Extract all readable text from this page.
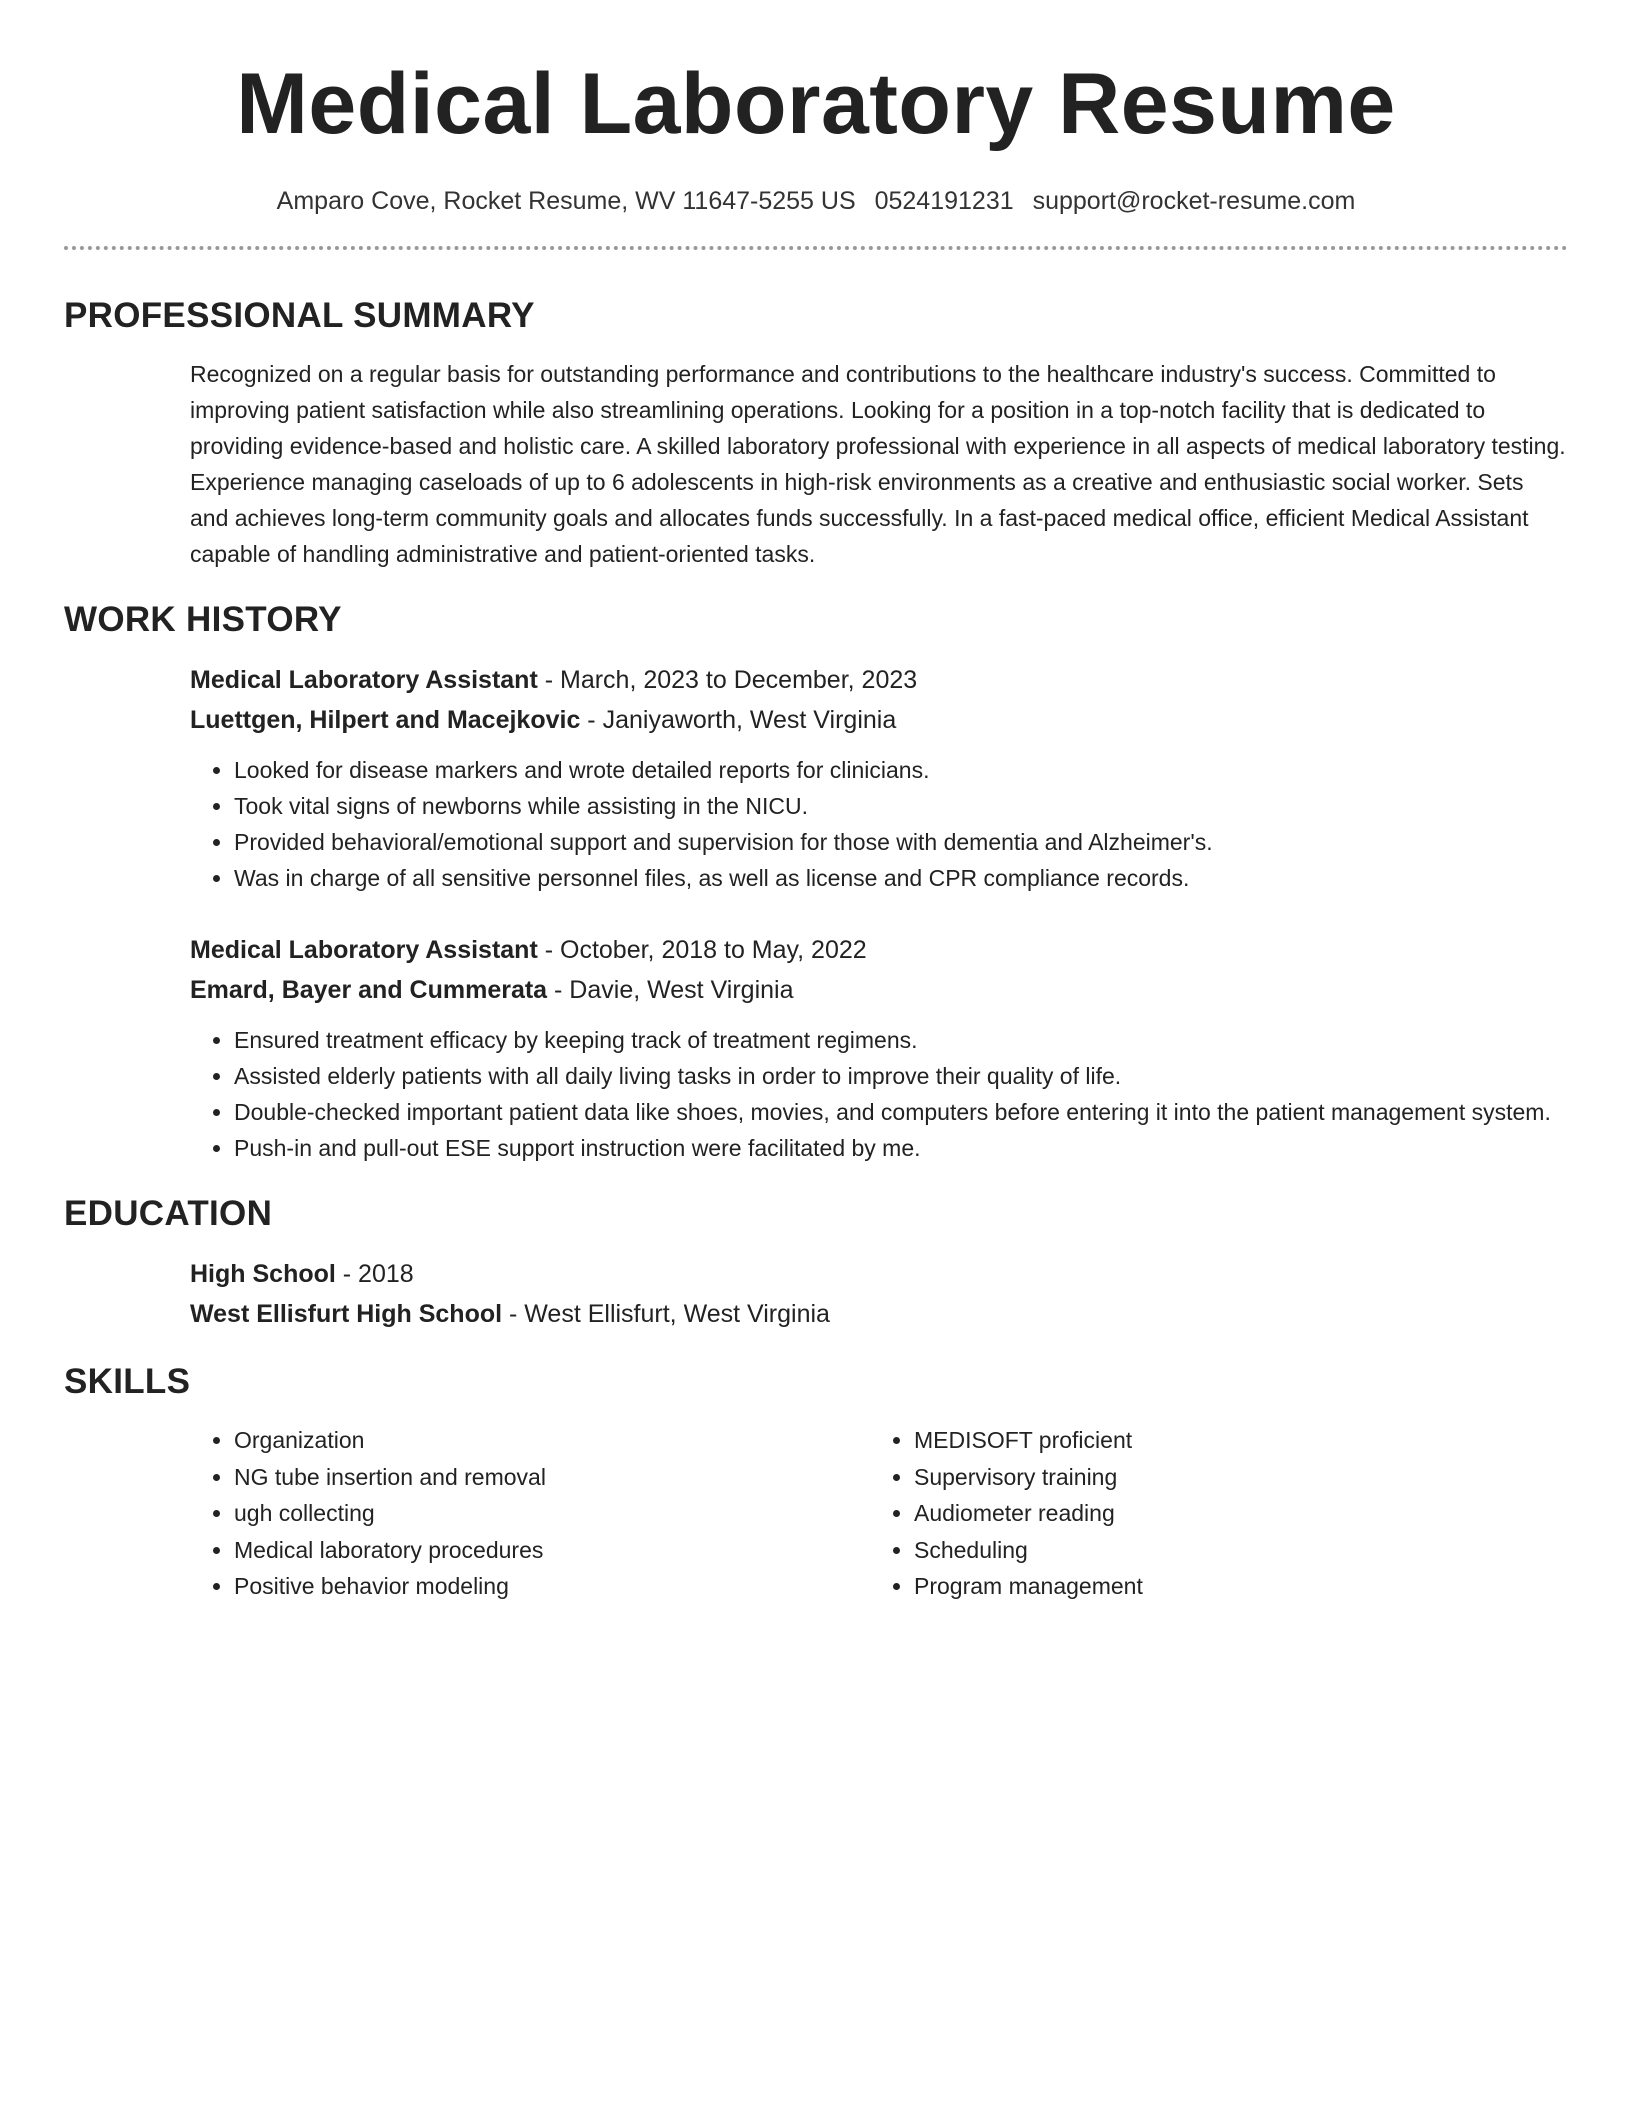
Medical Laboratory Resume
Amparo Cove, Rocket Resume, WV 11647-5255 US 0524191231 support@rocket-resume.com
PROFESSIONAL SUMMARY

Recognized on a regular basis for outstanding performance and contributions to the healthcare industry's success. Committed to improving patient satisfaction while also streamlining operations. Looking for a position in a top-notch facility that is dedicated to providing evidence-based and holistic care. A skilled laboratory professional with experience in all aspects of medical laboratory testing. Experience managing caseloads of up to 6 adolescents in high-risk environments as a creative and enthusiastic social worker. Sets and achieves long-term community goals and allocates funds successfully. In a fast-paced medical office, efficient Medical Assistant capable of handling administrative and patient-oriented tasks.

WORK HISTORY
Medical Laboratory Assistant - March, 2023 to December, 2023
Luettgen, Hilpert and Macejkovic - Janiyaworth, West Virginia
• Looked for disease markers and wrote detailed reports for clinicians.
• Took vital signs of newborns while assisting in the NICU.
• Provided behavioral/emotional support and supervision for those with dementia and Alzheimer's.
• Was in charge of all sensitive personnel files, as well as license and CPR compliance records.
Medical Laboratory Assistant - October, 2018 to May, 2022
Emard, Bayer and Cummerata - Davie, West Virginia
• Ensured treatment efficacy by keeping track of treatment regimens.
• Assisted elderly patients with all daily living tasks in order to improve their quality of life.
• Double-checked important patient data like shoes, movies, and computers before entering it into the patient management system.
• Push-in and pull-out ESE support instruction were facilitated by me.
EDUCATION
High School - 2018
West Ellisfurt High School - West Ellisfurt, West Virginia
SKILLS
• Organization
• NG tube insertion and removal
• ugh collecting
• Medical laboratory procedures
• Positive behavior modeling
• MEDISOFT proficient
• Supervisory training
• Audiometer reading
• Scheduling
• Program management
